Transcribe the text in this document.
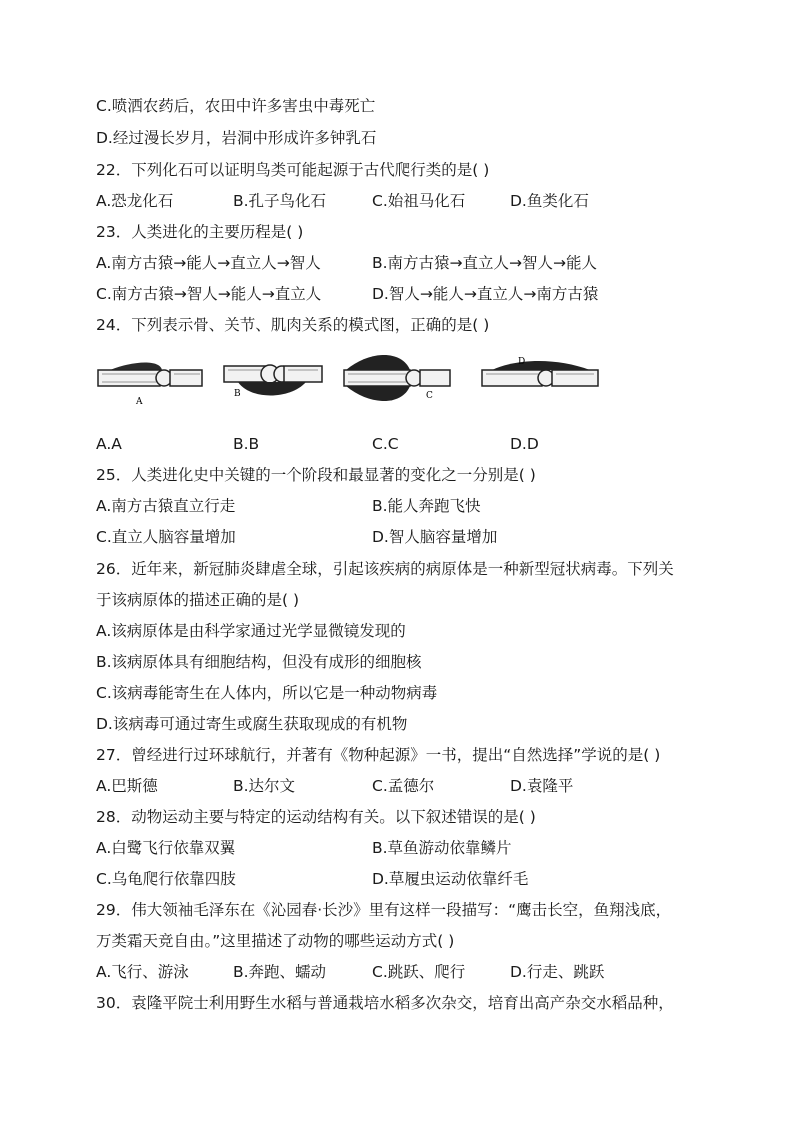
C.喷洒农药后，农田中许多害虫中毒死亡
D.经过漫长岁月，岩洞中形成许多钟乳石
22．下列化石可以证明鸟类可能起源于古代爬行类的是( )
A.恐龙化石	B.孔子鸟化石	C.始祖马化石	D.鱼类化石
23．人类进化的主要历程是( )
A.南方古猿→能人→直立人→智人	B.南方古猿→直立人→智人→能人
C.南方古猿→智人→能人→直立人	D.智人→能人→直立人→南方古猿
24．下列表示骨、关节、肌肉关系的模式图，正确的是( )
A
B	C
D
A.A	B.B	C.C	D.D
25．人类进化史中关键的一个阶段和最显著的变化之一分别是( )
A.南方古猿直立行走	B.能人奔跑飞快
C.直立人脑容量增加	D.智人脑容量增加
26．近年来，新冠肺炎肆虐全球，引起该疾病的病原体是一种新型冠状病毒。下列关
于该病原体的描述正确的是( )
A.该病原体是由科学家通过光学显微镜发现的
B.该病原体具有细胞结构，但没有成形的细胞核
C.该病毒能寄生在人体内，所以它是一种动物病毒
D.该病毒可通过寄生或腐生获取现成的有机物
27．曾经进行过环球航行，并著有《物种起源》一书，提出“自然选择”学说的是( )
A.巴斯德	B.达尔文	C.孟德尔	D.袁隆平
28．动物运动主要与特定的运动结构有关。以下叙述错误的是( )
A.白鹭飞行依靠双翼	B.草鱼游动依靠鳞片
C.乌龟爬行依靠四肢	D.草履虫运动依靠纤毛
29．伟大领袖毛泽东在《沁园春·长沙》里有这样一段描写：“鹰击长空，鱼翔浅底，
万类霜天竞自由。”这里描述了动物的哪些运动方式( )
A.飞行、游泳	B.奔跑、蠕动	C.跳跃、爬行	D.行走、跳跃
30．袁隆平院士利用野生水稻与普通栽培水稻多次杂交，培育出高产杂交水稻品种，
